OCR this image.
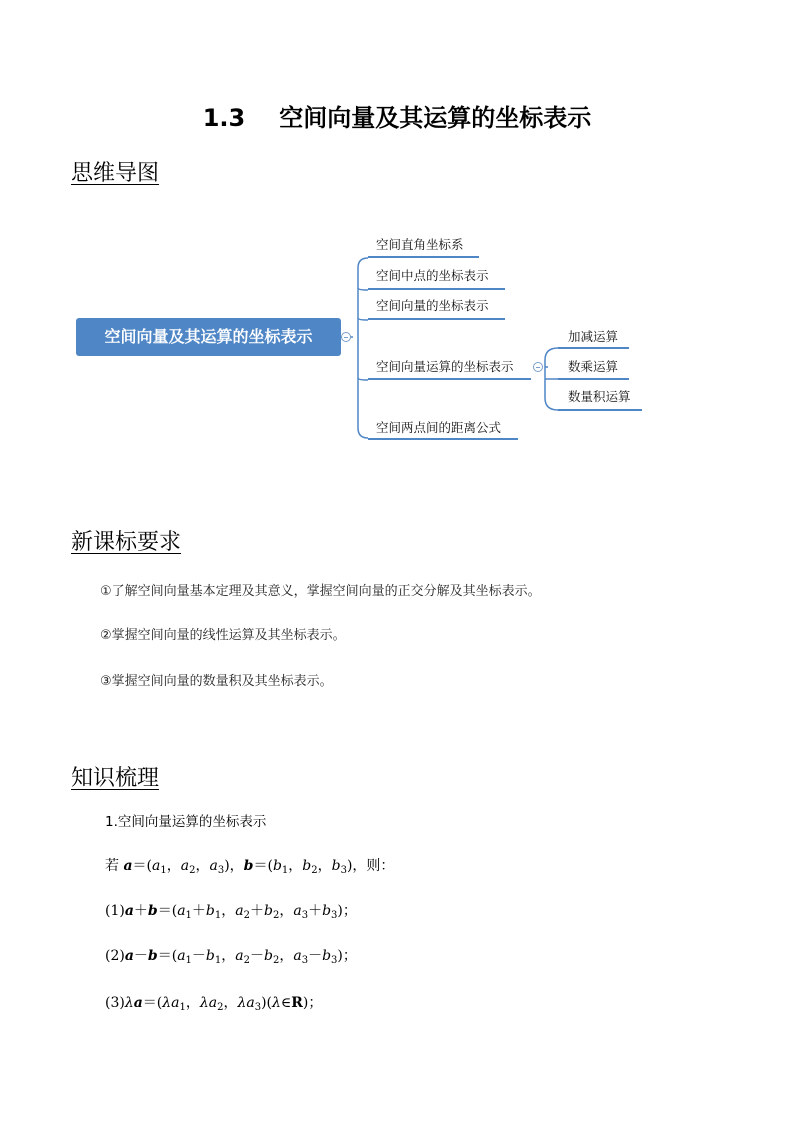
1.3 空间向量及其运算的坐标表示
思维导图
空间向量及其运算的坐标表示
空间直角坐标系
空间中点的坐标表示
空间向量的坐标表示
空间向量运算的坐标表示
空间两点间的距离公式
加减运算
数乘运算
数量积运算
新课标要求
①了解空间向量基本定理及其意义，掌握空间向量的正交分解及其坐标表示。
②掌握空间向量的线性运算及其坐标表示。
③掌握空间向量的数量积及其坐标表示。
知识梳理
1.空间向量运算的坐标表示
若 $a=(a_1$，$a_2$，$a_3$)，$b=(b_1$，$b_2$，$b_3$)，则：
$(1)a+b=(a_1+b_1$，$a_2+b_2$，$a_3+b_3$)；
$(2)a-b=(a_1-b_1$，$a_2-b_2$，$a_3-b_3$)；
$(3)\lambda a=(\lambda a_1$，$\lambda a_2$，$\lambda a_3)(\lambda\in R)$；
